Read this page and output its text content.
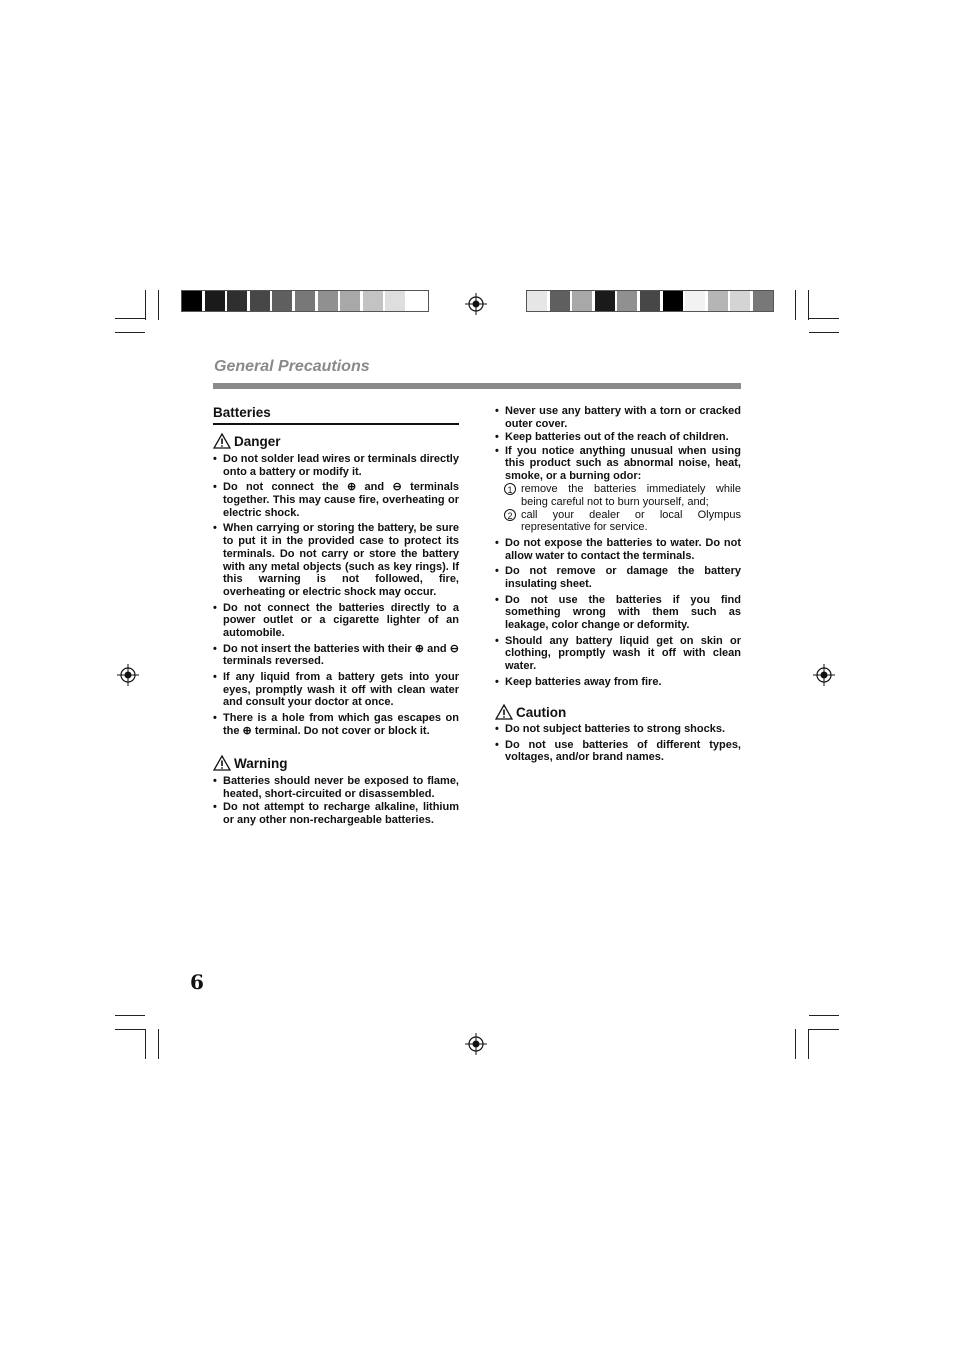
General Precautions
Batteries
Danger
• Do not solder lead wires or terminals directly onto a battery or modify it.
• Do not connect the ⊕ and ⊖ terminals together. This may cause fire, overheating or electric shock.
• When carrying or storing the battery, be sure to put it in the provided case to protect its terminals. Do not carry or store the battery with any metal objects (such as key rings). If this warning is not followed, fire, overheating or electric shock may occur.
• Do not connect the batteries directly to a power outlet or a cigarette lighter of an automobile.
• Do not insert the batteries with their ⊕ and ⊖ terminals reversed.
• If any liquid from a battery gets into your eyes, promptly wash it off with clean water and consult your doctor at once.
• There is a hole from which gas escapes on the ⊕ terminal. Do not cover or block it.
Warning
• Batteries should never be exposed to flame, heated, short-circuited or disassembled.
• Do not attempt to recharge alkaline, lithium or any other non-rechargeable batteries.
• Never use any battery with a torn or cracked outer cover.
• Keep batteries out of the reach of children.
• If you notice anything unusual when using this product such as abnormal noise, heat, smoke, or a burning odor:
1 remove the batteries immediately while being careful not to burn yourself, and;
2 call your dealer or local Olympus representative for service.
• Do not expose the batteries to water. Do not allow water to contact the terminals.
• Do not remove or damage the battery insulating sheet.
• Do not use the batteries if you find something wrong with them such as leakage, color change or deformity.
• Should any battery liquid get on skin or clothing, promptly wash it off with clean water.
• Keep batteries away from fire.
Caution
• Do not subject batteries to strong shocks.
• Do not use batteries of different types, voltages, and/or brand names.
6
